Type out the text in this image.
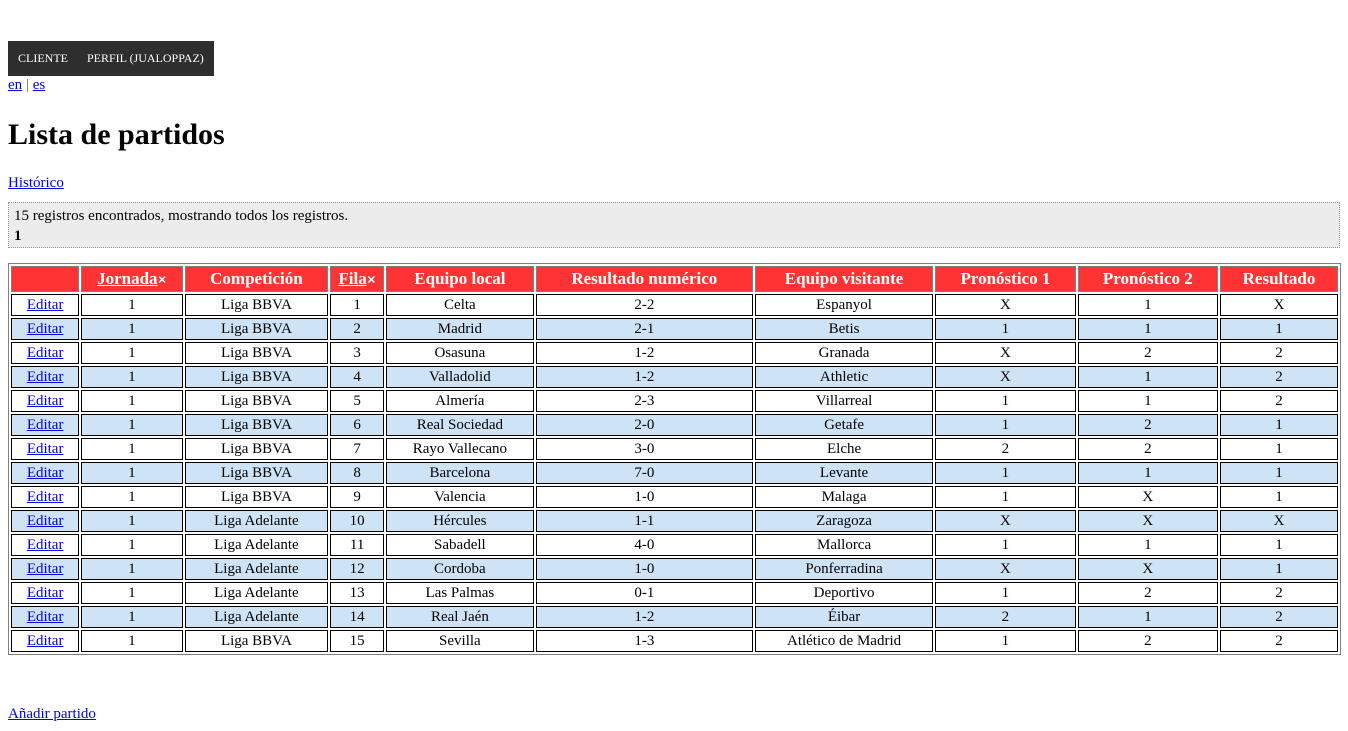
CLIENTE PERFIL (JUALOPPAZ)
en | es
Lista de partidos
Histórico
15 registros encontrados, mostrando todos los registros.
1
	Jornada✕	Competición	Fila✕	Equipo local	Resultado numérico	Equipo visitante	Pronóstico 1	Pronóstico 2	Resultado
Editar	1	Liga BBVA	1	Celta	2-2	Espanyol	X	1	X
Editar	1	Liga BBVA	2	Madrid	2-1	Betis	1	1	1
Editar	1	Liga BBVA	3	Osasuna	1-2	Granada	X	2	2
Editar	1	Liga BBVA	4	Valladolid	1-2	Athletic	X	1	2
Editar	1	Liga BBVA	5	Almería	2-3	Villarreal	1	1	2
Editar	1	Liga BBVA	6	Real Sociedad	2-0	Getafe	1	2	1
Editar	1	Liga BBVA	7	Rayo Vallecano	3-0	Elche	2	2	1
Editar	1	Liga BBVA	8	Barcelona	7-0	Levante	1	1	1
Editar	1	Liga BBVA	9	Valencia	1-0	Malaga	1	X	1
Editar	1	Liga Adelante	10	Hércules	1-1	Zaragoza	X	X	X
Editar	1	Liga Adelante	11	Sabadell	4-0	Mallorca	1	1	1
Editar	1	Liga Adelante	12	Cordoba	1-0	Ponferradina	X	X	1
Editar	1	Liga Adelante	13	Las Palmas	0-1	Deportivo	1	2	2
Editar	1	Liga Adelante	14	Real Jaén	1-2	Éibar	2	1	2
Editar	1	Liga BBVA	15	Sevilla	1-3	Atlético de Madrid	1	2	2
Añadir partido
